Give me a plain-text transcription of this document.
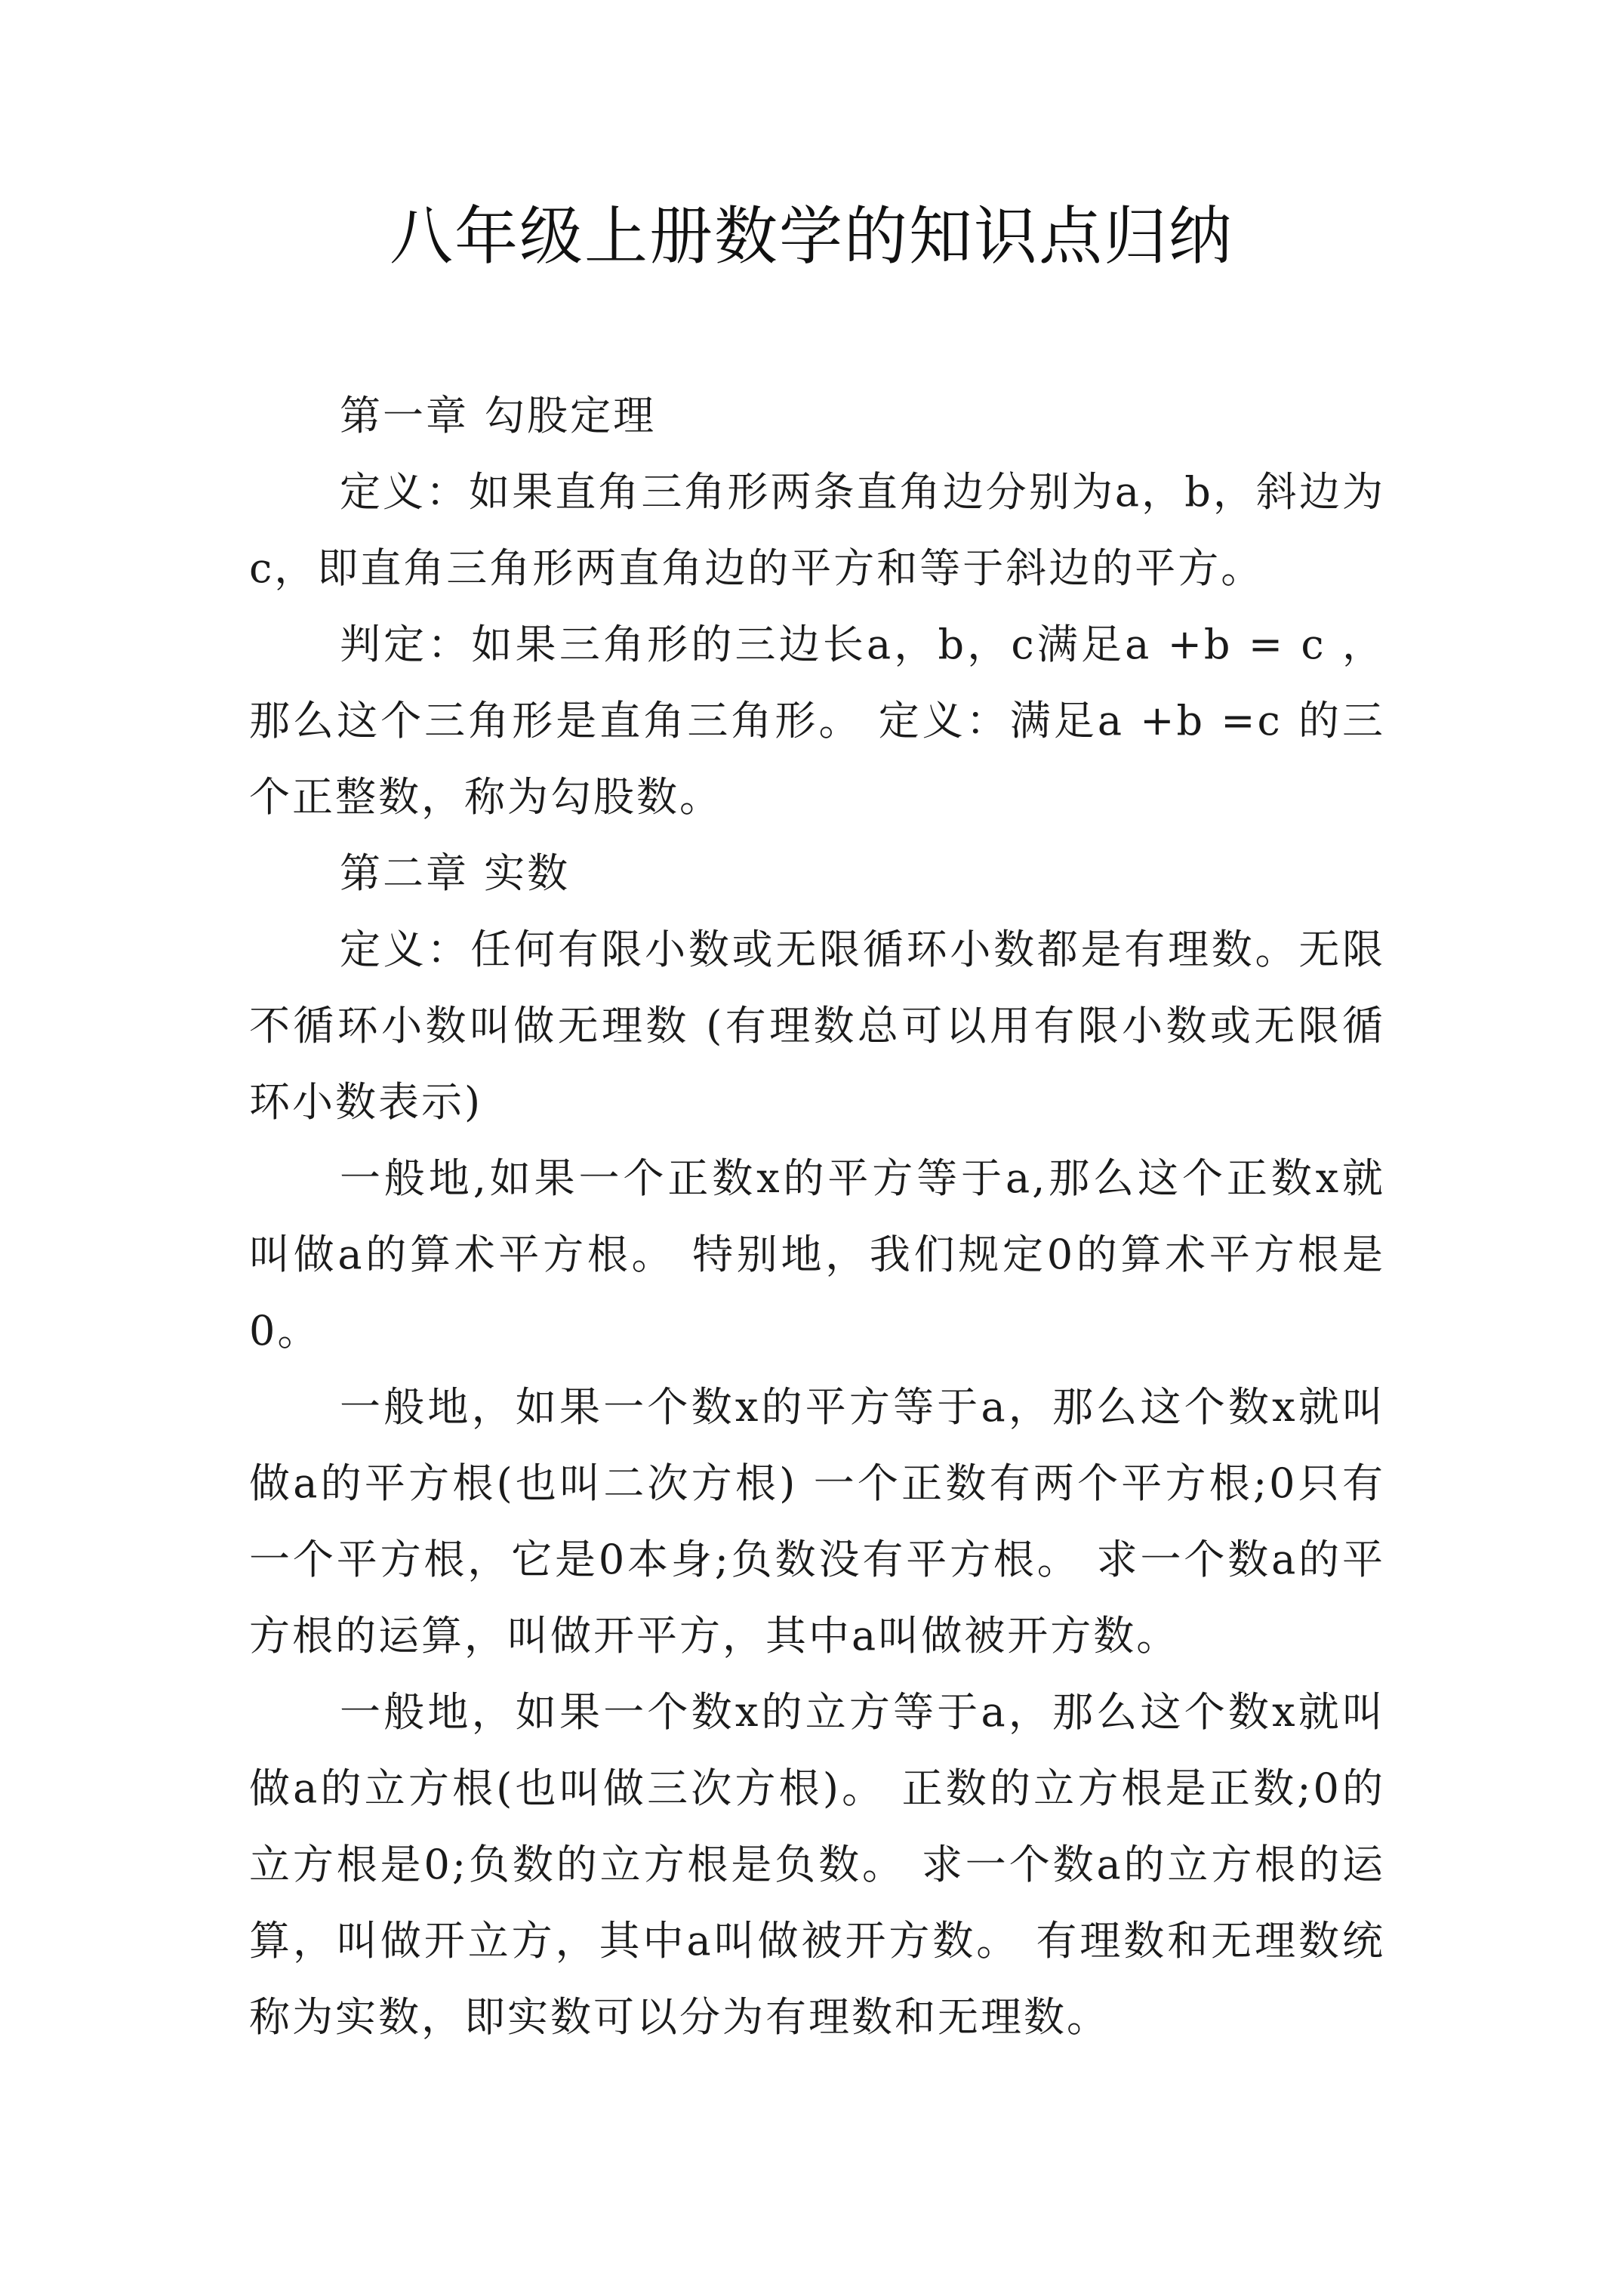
八年级上册数学的知识点归纳

第一章 勾股定理

定义：如果直角三角形两条直角边分别为a，b，斜边为c，即直角三角形两直角边的平方和等于斜边的平方。

判定：如果三角形的三边长a，b，c满足a +b = c ，那么这个三角形是直角三角形。 定义：满足a +b =c 的三个正整数，称为勾股数。

第二章 实数

定义：任何有限小数或无限循环小数都是有理数。无限不循环小数叫做无理数 (有理数总可以用有限小数或无限循环小数表示)

一般地,如果一个正数x的平方等于a,那么这个正数x就叫做a的算术平方根。 特别地，我们规定0的算术平方根是0。

一般地，如果一个数x的平方等于a，那么这个数x就叫做a的平方根(也叫二次方根) 一个正数有两个平方根;0只有一个平方根，它是0本身;负数没有平方根。 求一个数a的平方根的运算，叫做开平方，其中a叫做被开方数。

一般地，如果一个数x的立方等于a，那么这个数x就叫做a的立方根(也叫做三次方根)。 正数的立方根是正数;0的立方根是0;负数的立方根是负数。 求一个数a的立方根的运算，叫做开立方，其中a叫做被开方数。 有理数和无理数统称为实数，即实数可以分为有理数和无理数。
